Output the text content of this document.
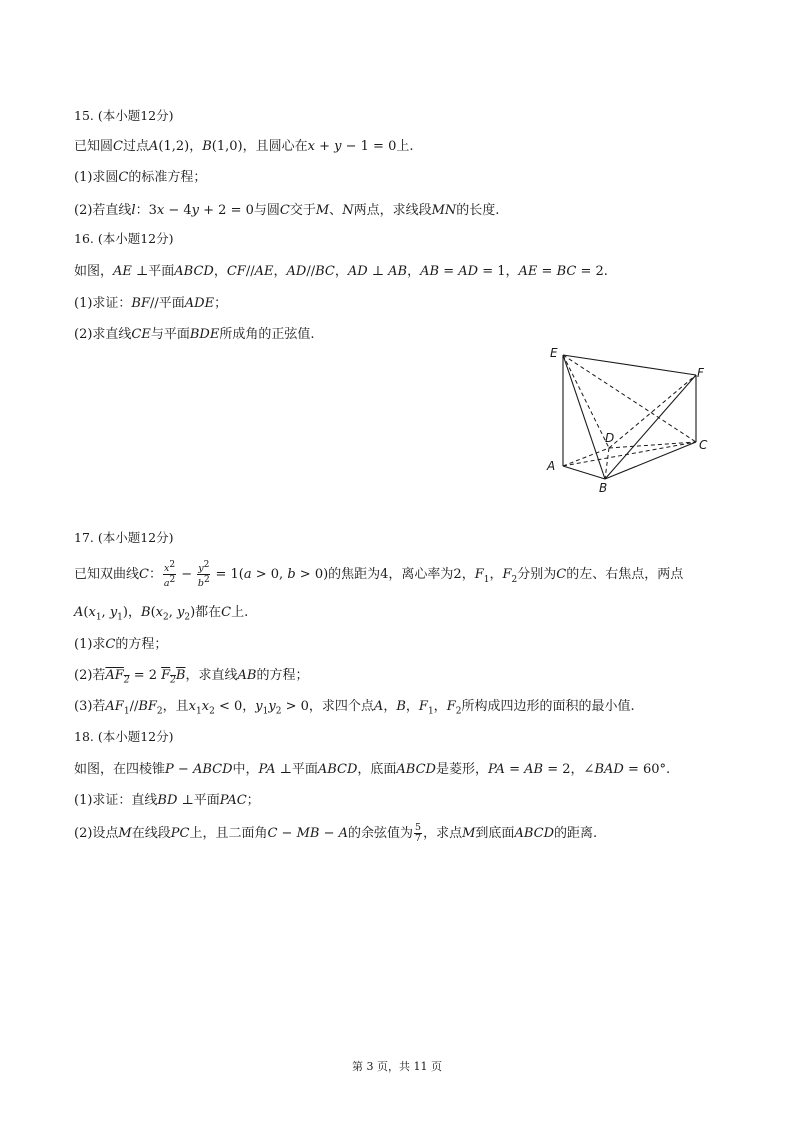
15. (本小题12分)
已知圆C过点A(1,2)，B(1,0)，且圆心在x + y − 1 = 0上.
(1)求圆C的标准方程；
(2)若直线l：3x − 4y + 2 = 0与圆C交于M、N两点，求线段MN的长度.
16. (本小题12分)
如图，AE ⊥平面ABCD，CF//AE，AD//BC，AD ⊥ AB，AB = AD = 1，AE = BC = 2.
(1)求证：BF//平面ADE；
(2)求直线CE与平面BDE所成角的正弦值.
E
F
D	C
A
B
17. (本小题12分)
已知双曲线C： $\frac{x^2}{a^2} - \frac{y^2}{b^2} = 1(a > 0$, b > 0)的焦距为4，离心率为2，$F_1$，$F_2$分别为C的左、右焦点，两点
$A(x_1$, $y_1$)，$B(x_2$, $y_2$)都在C上.
(1)求C的方程；
(2)若$AF_2 = 2$ $F_2B$，求直线AB的方程；
(3)若$AF_1//BF_2$，且$x_1x_2 < 0$，$y_1y_2 > 0$，求四个点A，B，$F_1$，$F_2$所构成四边形的面积的最小值.
18. (本小题12分)
如图，在四棱锥P − ABCD中，PA ⊥平面ABCD，底面ABCD是菱形，PA = AB = 2，∠BAD = 60°.
(1)求证：直线BD ⊥平面PAC；
(2)设点M在线段PC上，且二面角C − MB − A的余弦值为 $\frac{5}{7}$ ，求点M到底面ABCD的距离.
第 3 页，共 11 页
